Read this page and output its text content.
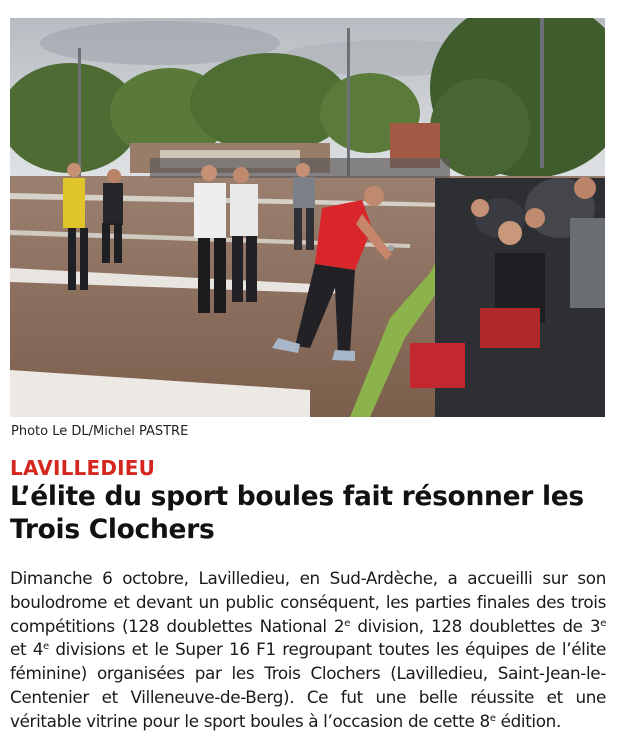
Photo Le DL/Michel PASTRE
LAVILLEDIEU
L’élite du sport boules fait résonner les Trois Clochers

Dimanche 6 octobre, Lavilledieu, en Sud-Ardèche, a accueilli sur son boulodrome et devant un public conséquent, les parties finales des trois compétitions (128 doublettes National 2e division, 128 doublettes de 3e et 4e divisions et le Super 16 F1 regroupant toutes les équipes de l’élite féminine) organisées par les Trois Clochers (Lavilledieu, Saint-Jean-le-Centenier et Villeneuve-de-Berg). Ce fut une belle réussite et une véritable vitrine pour le sport boules à l’occasion de cette 8e édition.
